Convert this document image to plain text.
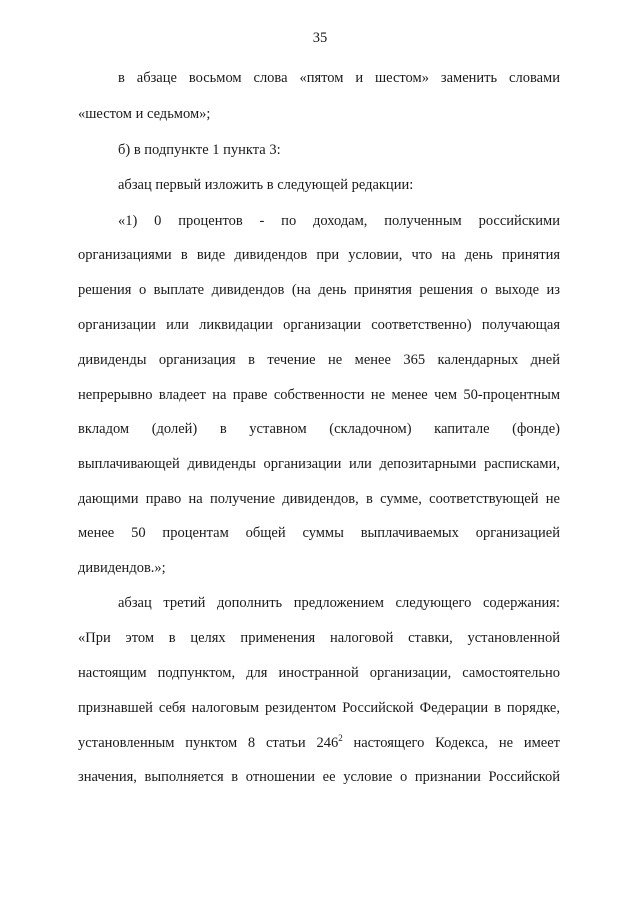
35
в абзаце восьмом слова «пятом и шестом» заменить словами
«шестом и седьмом»;
б) в подпункте 1 пункта 3:
абзац первый изложить в следующей редакции:
«1) 0 процентов - по доходам, полученным российскими
организациями в виде дивидендов при условии, что на день принятия
решения о выплате дивидендов (на день принятия решения о выходе из
организации или ликвидации организации соответственно) получающая
дивиденды организация в течение не менее 365 календарных дней
непрерывно владеет на праве собственности не менее чем 50-процентным
вкладом (долей) в уставном (складочном) капитале (фонде)
выплачивающей дивиденды организации или депозитарными расписками,
дающими право на получение дивидендов, в сумме, соответствующей не
менее 50 процентам общей суммы выплачиваемых организацией
дивидендов.»;
абзац третий дополнить предложением следующего содержания:
«При этом в целях применения налоговой ставки, установленной
настоящим подпунктом, для иностранной организации, самостоятельно
признавшей себя налоговым резидентом Российской Федерации в порядке,
установленным пунктом 8 статьи $246^2$ настоящего Кодекса, не имеет
значения, выполняется в отношении ее условие о признании Российской
